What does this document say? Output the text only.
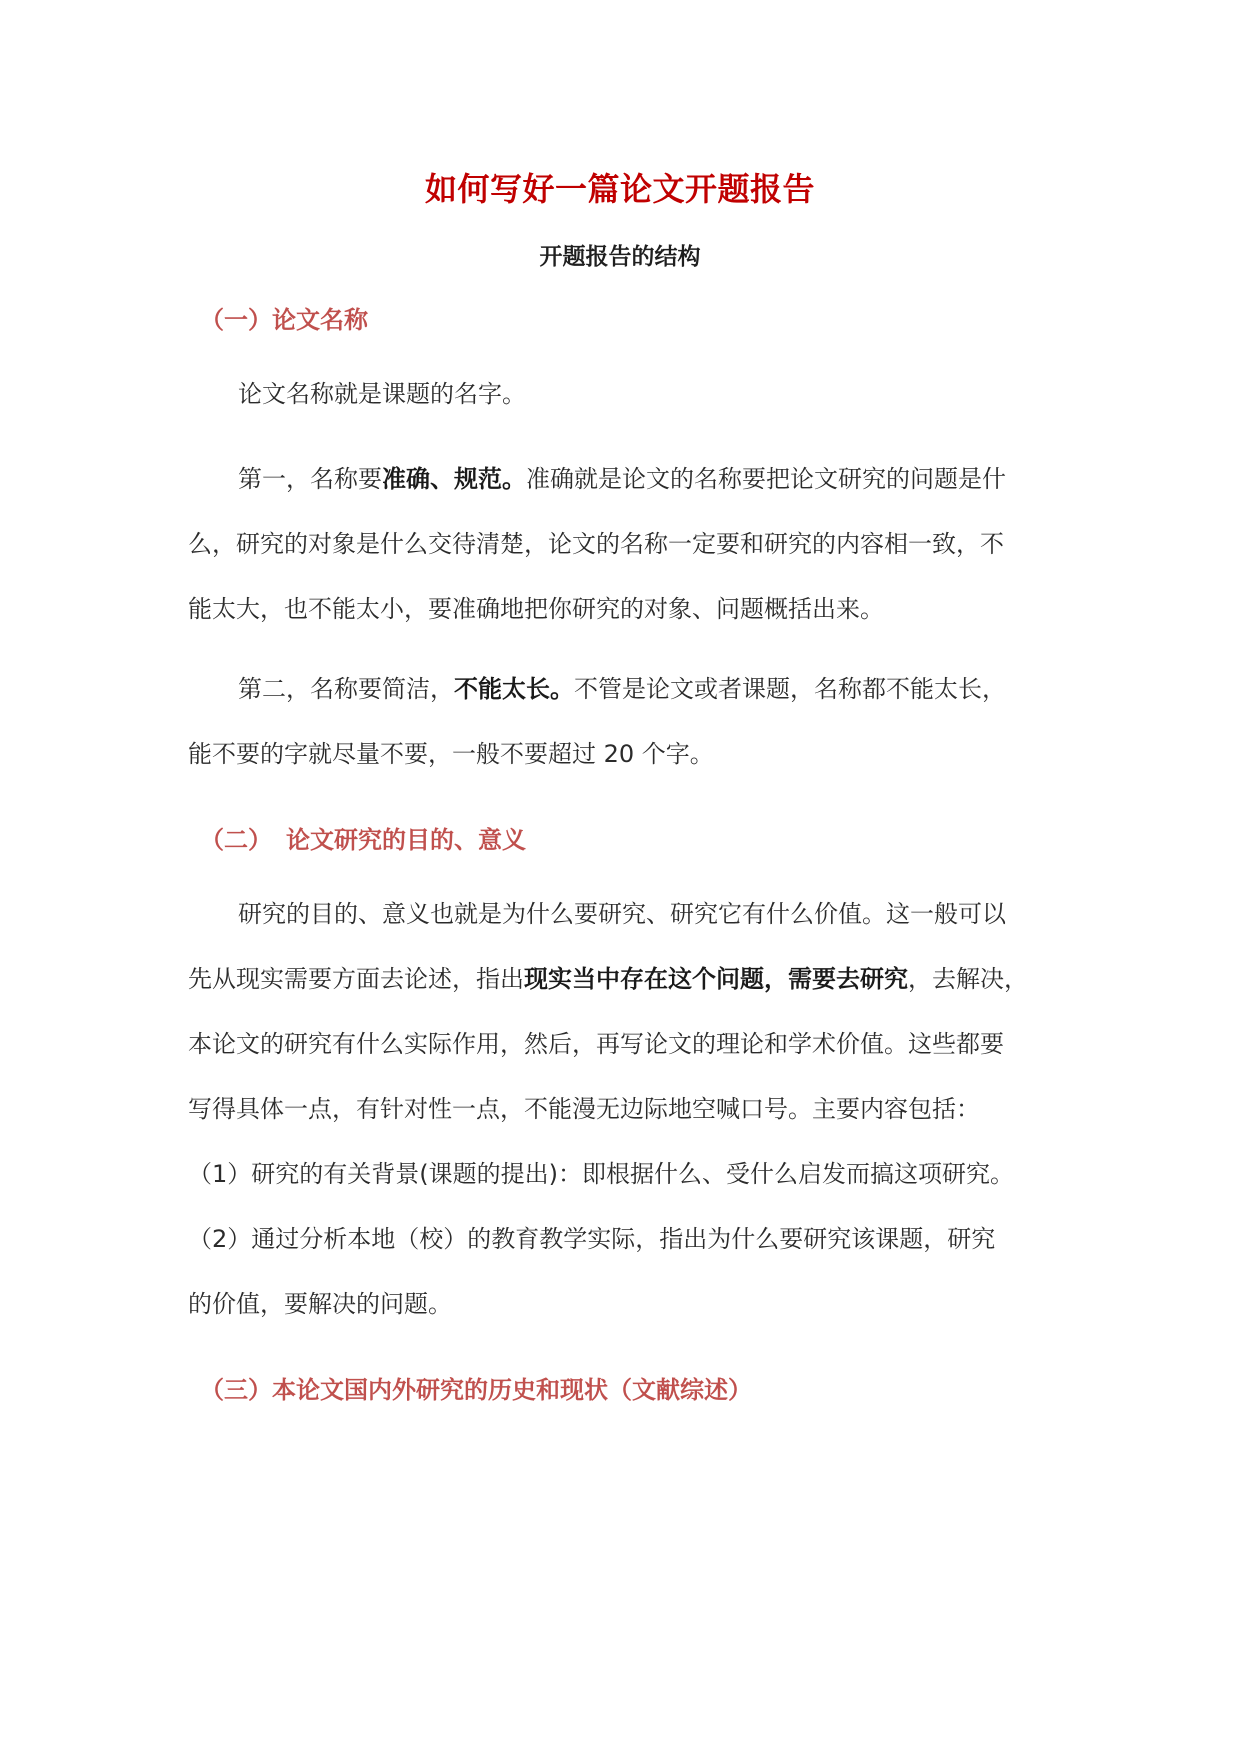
如何写好一篇论文开题报告
开题报告的结构
（一）论文名称

论文名称就是课题的名字。

第一，名称要准确、规范。准确就是论文的名称要把论文研究的问题是什

么，研究的对象是什么交待清楚，论文的名称一定要和研究的内容相一致，不

能太大，也不能太小，要准确地把你研究的对象、问题概括出来。

第二，名称要简洁，不能太长。不管是论文或者课题，名称都不能太长，

能不要的字就尽量不要，一般不要超过 20 个字。

（二） 论文研究的目的、意义

研究的目的、意义也就是为什么要研究、研究它有什么价值。这一般可以

先从现实需要方面去论述，指出现实当中存在这个问题，需要去研究，去解决，

本论文的研究有什么实际作用，然后，再写论文的理论和学术价值。这些都要

写得具体一点，有针对性一点，不能漫无边际地空喊口号。主要内容包括：

（1）研究的有关背景(课题的提出)：即根据什么、受什么启发而搞这项研究。

（2）通过分析本地（校）的教育教学实际，指出为什么要研究该课题，研究

的价值，要解决的问题。

（三）本论文国内外研究的历史和现状（文献综述）
